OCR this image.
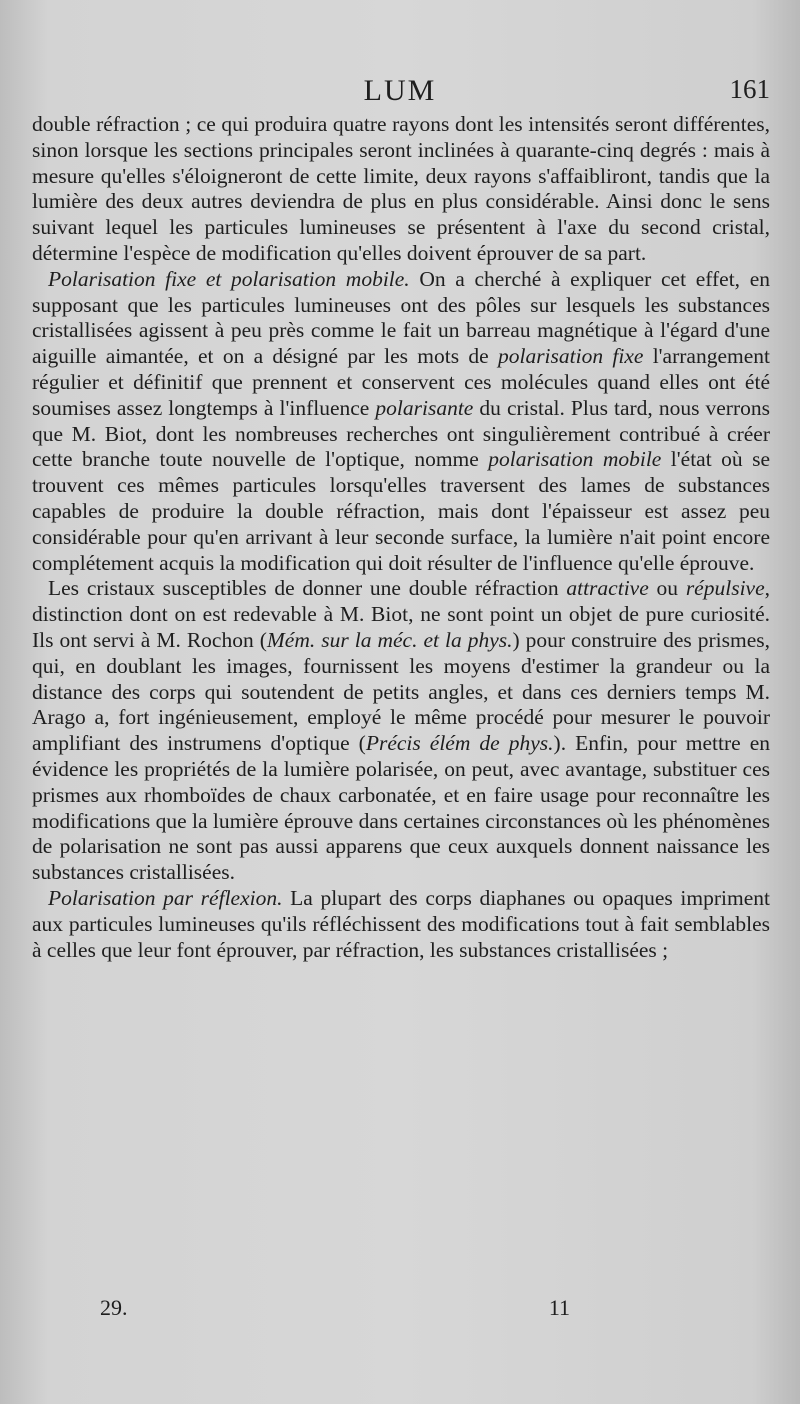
LUM	161

double réfraction ; ce qui produira quatre rayons dont les intensités seront différentes, sinon lorsque les sections principales seront inclinées à quarante-cinq degrés : mais à mesure qu'elles s'éloigneront de cette limite, deux rayons s'affaibliront, tandis que la lumière des deux autres deviendra de plus en plus considérable. Ainsi donc le sens suivant lequel les particules lumineuses se présentent à l'axe du second cristal, détermine l'espèce de modification qu'elles doivent éprouver de sa part.

Polarisation fixe et polarisation mobile. On a cherché à expliquer cet effet, en supposant que les particules lumineuses ont des pôles sur lesquels les substances cristallisées agissent à peu près comme le fait un barreau magnétique à l'égard d'une aiguille aimantée, et on a désigné par les mots de polarisation fixe l'arrangement régulier et définitif que prennent et conservent ces molécules quand elles ont été soumises assez longtemps à l'influence polarisante du cristal. Plus tard, nous verrons que M. Biot, dont les nombreuses recherches ont singulièrement contribué à créer cette branche toute nouvelle de l'optique, nomme polarisation mobile l'état où se trouvent ces mêmes particules lorsqu'elles traversent des lames de substances capables de produire la double réfraction, mais dont l'épaisseur est assez peu considérable pour qu'en arrivant à leur seconde surface, la lumière n'ait point encore complétement acquis la modification qui doit résulter de l'influence qu'elle éprouve.

Les cristaux susceptibles de donner une double réfraction attractive ou répulsive, distinction dont on est redevable à M. Biot, ne sont point un objet de pure curiosité. Ils ont servi à M. Rochon (Mém. sur la méc. et la phys.) pour construire des prismes, qui, en doublant les images, fournissent les moyens d'estimer la grandeur ou la distance des corps qui soutendent de petits angles, et dans ces derniers temps M. Arago a, fort ingénieusement, employé le même procédé pour mesurer le pouvoir amplifiant des instrumens d'optique (Précis élém de phys.). Enfin, pour mettre en évidence les propriétés de la lumière polarisée, on peut, avec avantage, substituer ces prismes aux rhomboïdes de chaux carbonatée, et en faire usage pour reconnaître les modifications que la lumière éprouve dans certaines circonstances où les phénomènes de polarisation ne sont pas aussi apparens que ceux auxquels donnent naissance les substances cristallisées.

Polarisation par réflexion. La plupart des corps diaphanes ou opaques impriment aux particules lumineuses qu'ils réfléchissent des modifications tout à fait semblables à celles que leur font éprouver, par réfraction, les substances cristallisées ;

29.	11
